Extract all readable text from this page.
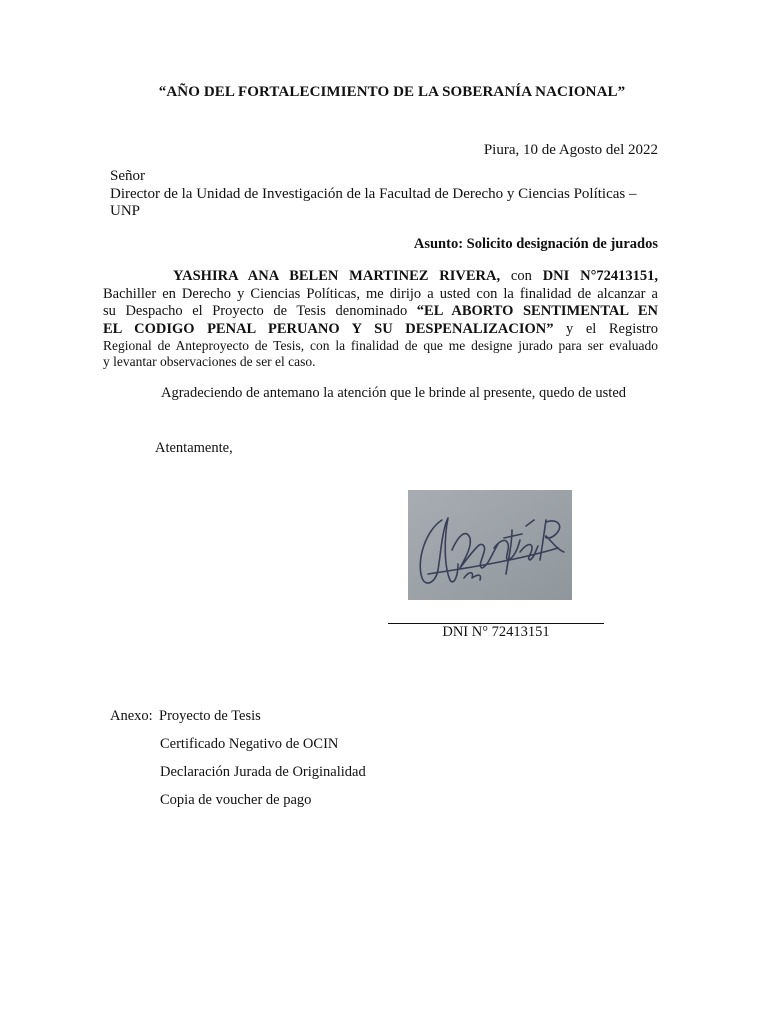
“AÑO DEL FORTALECIMIENTO DE LA SOBERANÍA NACIONAL”
Piura, 10 de Agosto del 2022
Señor
Director de la Unidad de Investigación de la Facultad de Derecho y Ciencias Políticas –
UNP
Asunto: Solicito designación de jurados
YASHIRA ANA BELEN MARTINEZ RIVERA, con DNI N°72413151,
Bachiller en Derecho y Ciencias Políticas, me dirijo a usted con la finalidad de alcanzar a
su Despacho el Proyecto de Tesis denominado “EL ABORTO SENTIMENTAL EN
EL CODIGO PENAL PERUANO Y SU DESPENALIZACION” y el Registro
Regional de Anteproyecto de Tesis, con la finalidad de que me designe jurado para ser evaluado
y levantar observaciones de ser el caso.
Agradeciendo de antemano la atención que le brinde al presente, quedo de usted
Atentamente,
DNI N° 72413151
Anexo: Proyecto de Tesis
Certificado Negativo de OCIN
Declaración Jurada de Originalidad
Copia de voucher de pago
